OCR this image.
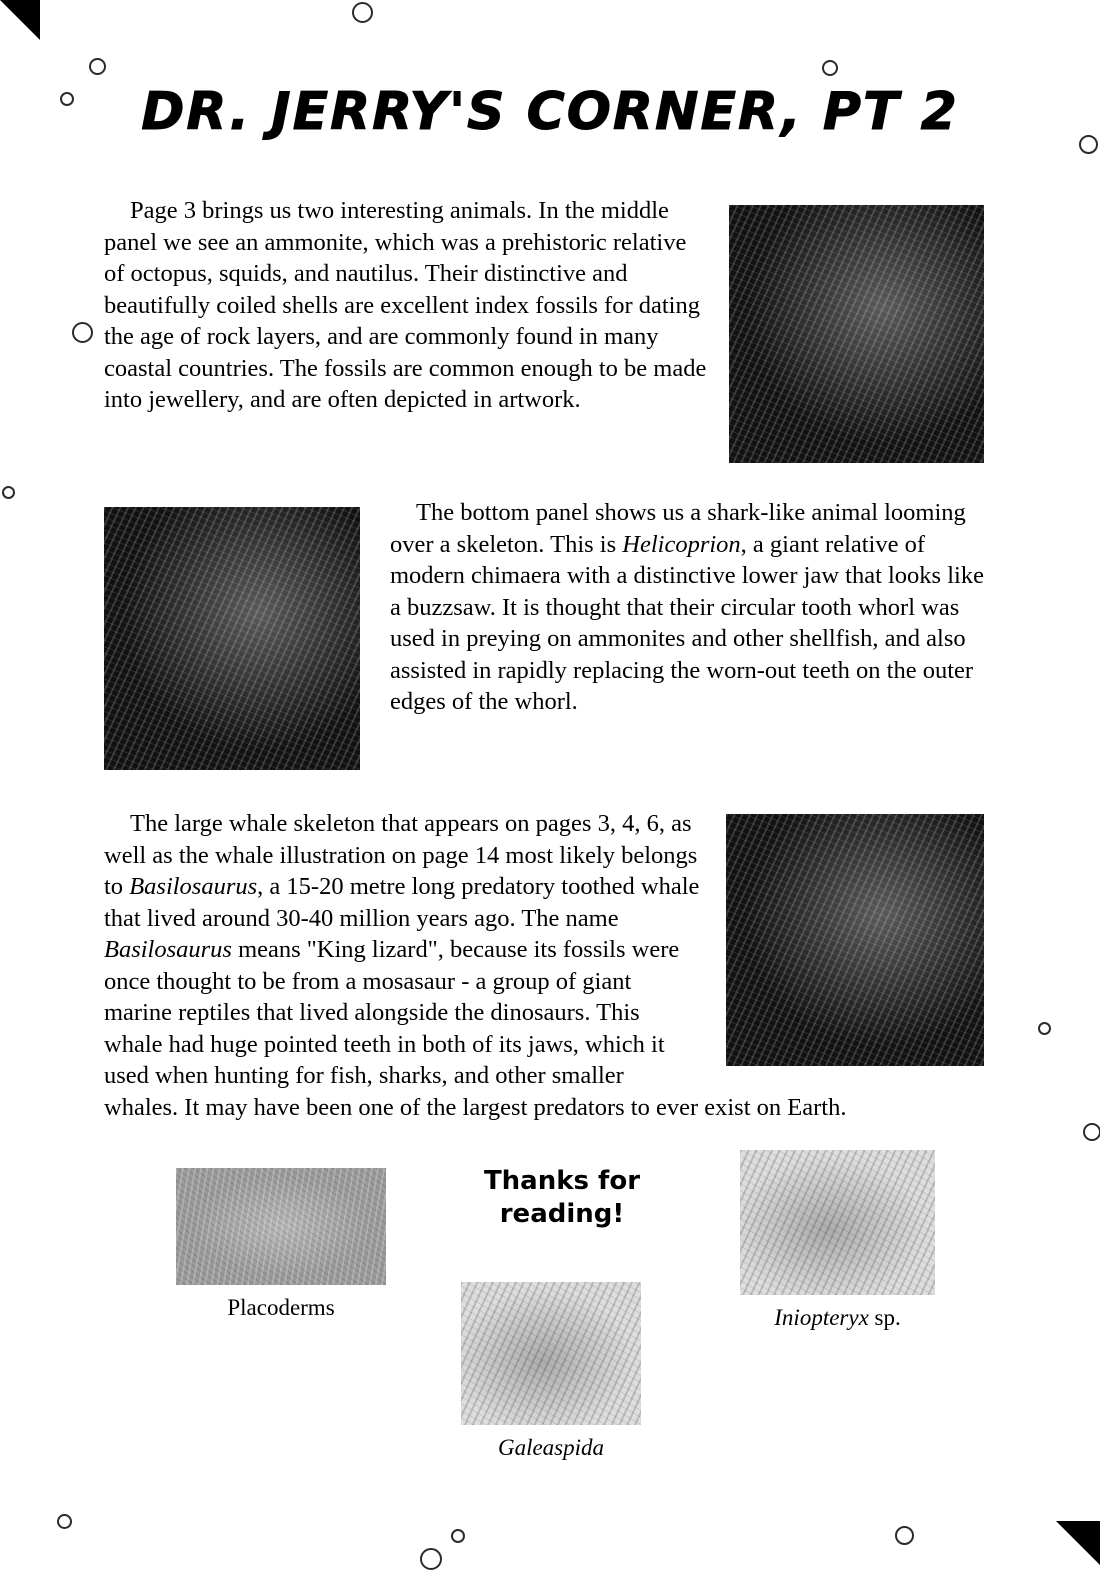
DR. JERRY'S CORNER, PT 2

Page 3 brings us two interesting animals. In the middle panel we see an ammonite, which was a prehistoric relative of octopus, squids, and nautilus. Their distinctive and beautifully coiled shells are excellent index fossils for dating the age of rock layers, and are commonly found in many coastal countries. The fossils are common enough to be made into jewellery, and are often depicted in artwork.

The bottom panel shows us a shark-like animal looming over a skeleton. This is Helicoprion, a giant relative of modern chimaera with a distinctive lower jaw that looks like a buzzsaw. It is thought that their circular tooth whorl was used in preying on ammonites and other shellfish, and also assisted in rapidly replacing the worn-out teeth on the outer edges of the whorl.

The large whale skeleton that appears on pages 3, 4, 6, as well as the whale illustration on page 14 most likely belongs to Basilosaurus, a 15-20 metre long predatory toothed whale that lived around 30-40 million years ago. The name Basilosaurus means "King lizard", because its fossils were once thought to be from a mosasaur - a group of giant marine reptiles that lived alongside the dinosaurs. This whale had huge pointed teeth in both of its jaws, which it used when hunting for fish, sharks, and other smaller whales. It may have been one of the largest predators to ever exist on Earth.

Thanks for reading!
Placoderms
Galeaspida
Iniopteryx sp.
